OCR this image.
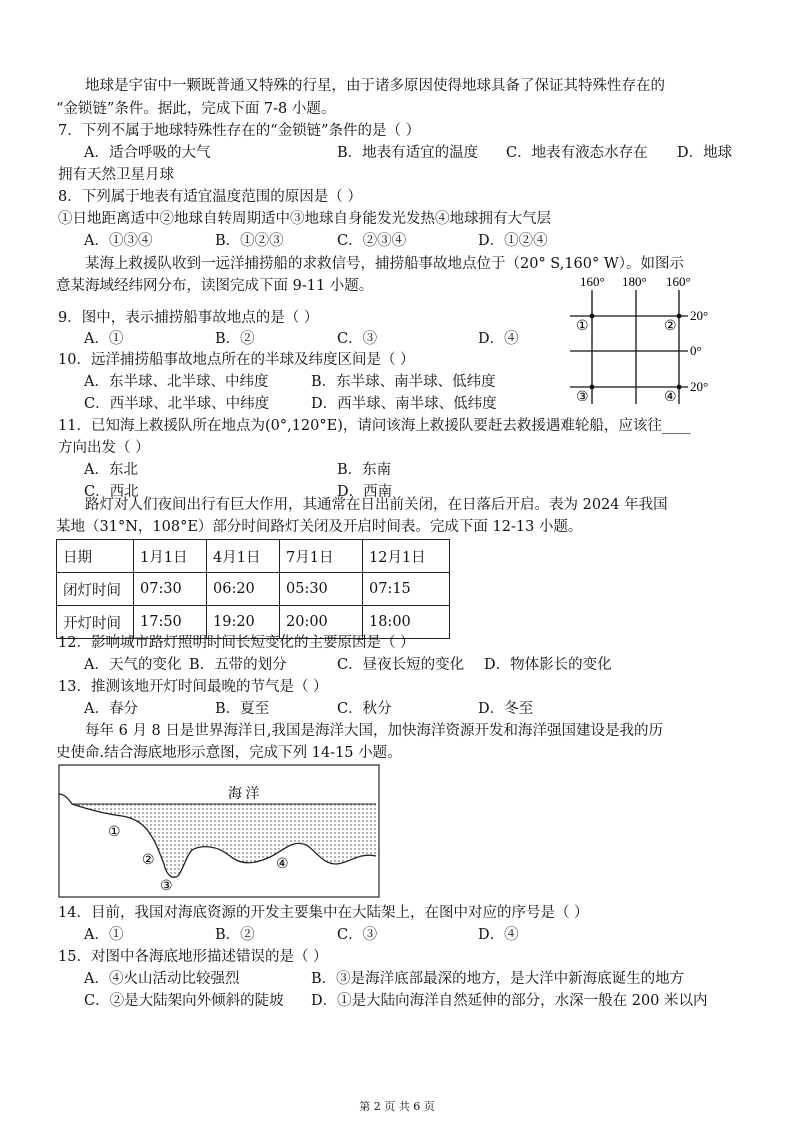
　　地球是宇宙中一颗既普通又特殊的行星，由于诸多原因使得地球具备了保证其特殊性存在的
“金锁链”条件。据此，完成下面 7-8 小题。
7．下列不属于地球特殊性存在的“金锁链”条件的是（ ）
A．适合呼吸的大气	B．地表有适宜的温度 C．地表有液态水存在 D．地球
拥有天然卫星月球
8．下列属于地表有适宜温度范围的原因是（ ）
①日地距离适中②地球自转周期适中③地球自身能发光发热④地球拥有大气层
A．①③④	B．①②③	C．②③④	D．①②④
　　某海上救援队收到一远洋捕捞船的求救信号，捕捞船事故地点位于（20° S,160° W）。如图示
意某海域经纬网分布，读图完成下面 9-11 小题。	160° 180° 160°
20°
0°
20°
①	②
③	④
9．图中，表示捕捞船事故地点的是（ ）
A．①	B．②	C．③	D．④
10．远洋捕捞船事故地点所在的半球及纬度区间是（ ）
A．东半球、北半球、中纬度	B．东半球、南半球、低纬度
C．西半球、北半球、中纬度	D．西半球、南半球、低纬度
11．已知海上救援队所在地点为(0°,120°E)，请问该海上救援队要赶去救援遇难轮船，应该往____
方向出发（ ）
A．东北	B．东南
C．西北	D．西南
　　路灯对人们夜间出行有巨大作用，其通常在日出前关闭，在日落后开启。表为 2024 年我国
某地（31°N，108°E）部分时间路灯关闭及开启时间表。完成下面 12-13 小题。
日期	1月1日	4月1日	7月1日	12月1日
闭灯时间	07:30	06:20	05:30	07:15
开灯时间	17:50	19:20	20:00	18:00
12．影响城市路灯照明时间长短变化的主要原因是（ ）
A．天气的变化 B．五带的划分	C．昼夜长短的变化 D．物体影长的变化
13．推测该地开灯时间最晚的节气是（ ）
A．春分	B．夏至	C．秋分	D．冬至
　　每年 6 月 8 日是世界海洋日,我国是海洋大国，加快海洋资源开发和海洋强国建设是我的历
史使命.结合海底地形示意图，完成下列 14-15 小题。
海 洋
①
②
③
④
14．目前，我国对海底资源的开发主要集中在大陆架上，在图中对应的序号是（ ）
A．①	B．②	C．③	D．④
15．对图中各海底地形描述错误的是（ ）
A．④火山活动比较强烈	B．③是海洋底部最深的地方，是大洋中新海底诞生的地方
C．②是大陆架向外倾斜的陡坡 D．①是大陆向海洋自然延伸的部分，水深一般在 200 米以内
第 2 页 共 6 页
